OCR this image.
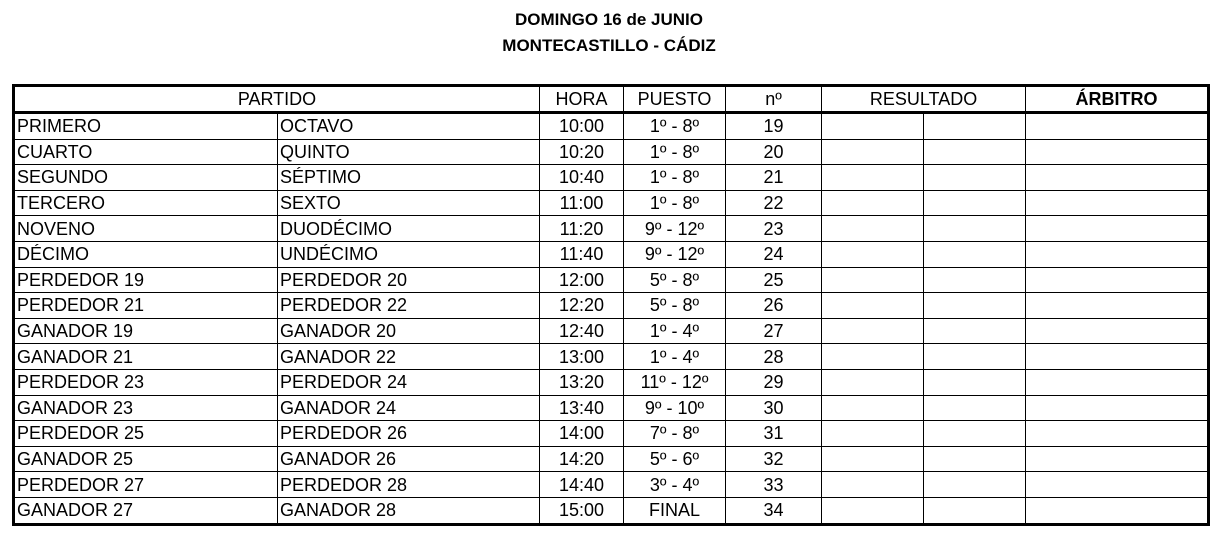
DOMINGO 16 de JUNIO
MONTECASTILLO - CÁDIZ
PARTIDO		HORA	PUESTO	nº	RESULTADO		ÁRBITRO
PRIMERO	OCTAVO	10:00	1º - 8º	19			
CUARTO	QUINTO	10:20	1º - 8º	20			
SEGUNDO	SÉPTIMO	10:40	1º - 8º	21			
TERCERO	SEXTO	11:00	1º - 8º	22			
NOVENO	DUODÉCIMO	11:20	9º - 12º	23			
DÉCIMO	UNDÉCIMO	11:40	9º - 12º	24			
PERDEDOR 19	PERDEDOR 20	12:00	5º - 8º	25			
PERDEDOR 21	PERDEDOR 22	12:20	5º - 8º	26			
GANADOR 19	GANADOR 20	12:40	1º - 4º	27			
GANADOR 21	GANADOR 22	13:00	1º - 4º	28			
PERDEDOR 23	PERDEDOR 24	13:20	11º - 12º	29			
GANADOR 23	GANADOR 24	13:40	9º - 10º	30			
PERDEDOR 25	PERDEDOR 26	14:00	7º - 8º	31			
GANADOR 25	GANADOR 26	14:20	5º - 6º	32			
PERDEDOR 27	PERDEDOR 28	14:40	3º - 4º	33			
GANADOR 27	GANADOR 28	15:00	FINAL	34			
